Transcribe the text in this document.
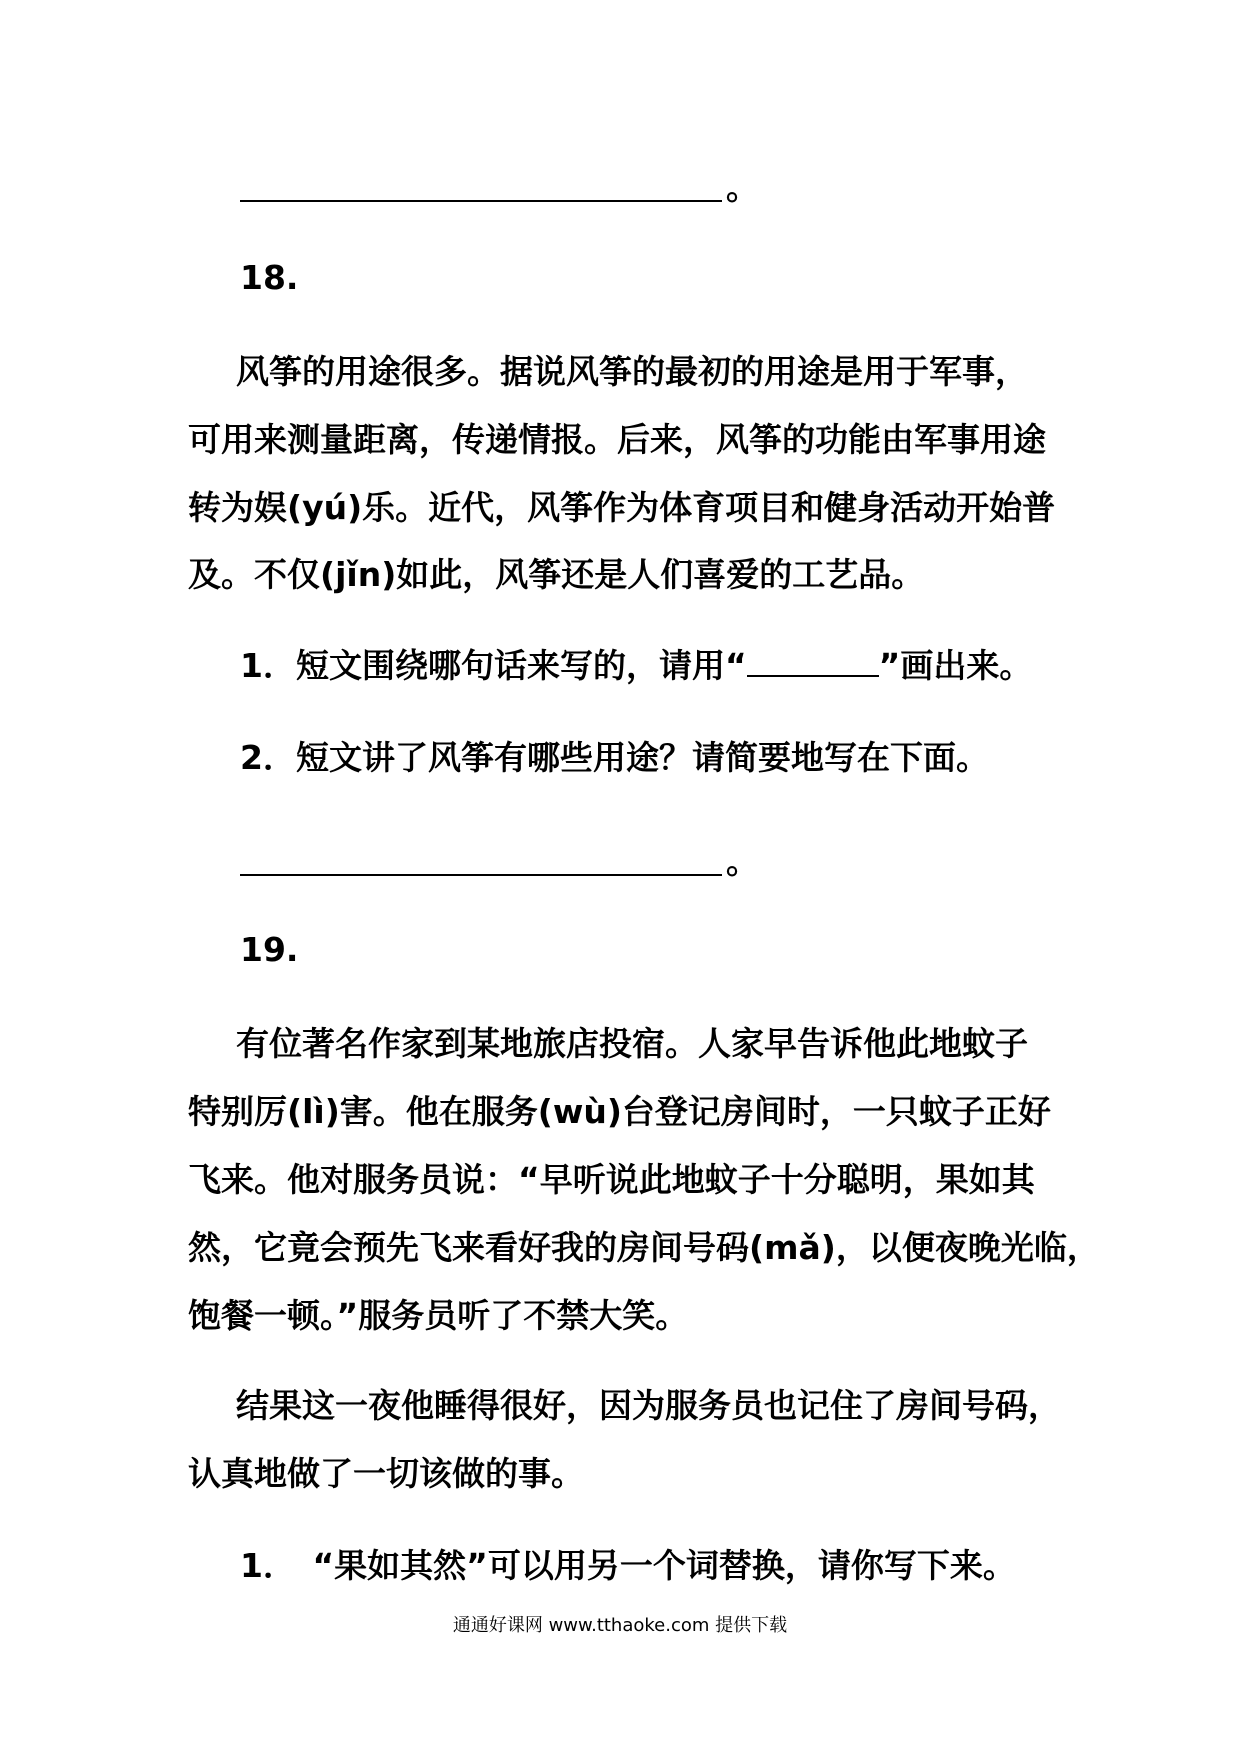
。
18.
风筝的用途很多。据说风筝的最初的用途是用于军事，
可用来测量距离，传递情报。后来，风筝的功能由军事用途
转为娱(yú)乐。近代，风筝作为体育项目和健身活动开始普
及。不仅(jǐn)如此，风筝还是人们喜爱的工艺品。
1．短文围绕哪句话来写的，请用“	”画出来。
2．短文讲了风筝有哪些用途？请简要地写在下面。
。
19.
有位著名作家到某地旅店投宿。人家早告诉他此地蚊子
特别厉(lì)害。他在服务(wù)台登记房间时，一只蚊子正好
飞来。他对服务员说：“早听说此地蚊子十分聪明，果如其
然，它竟会预先飞来看好我的房间号码(mǎ)，以便夜晚光临，
饱餐一顿。”服务员听了不禁大笑。
结果这一夜他睡得很好，因为服务员也记住了房间号码，
认真地做了一切该做的事。
1．　“果如其然”可以用另一个词替换，请你写下来。
通通好课网 www.tthaoke.com 提供下载
